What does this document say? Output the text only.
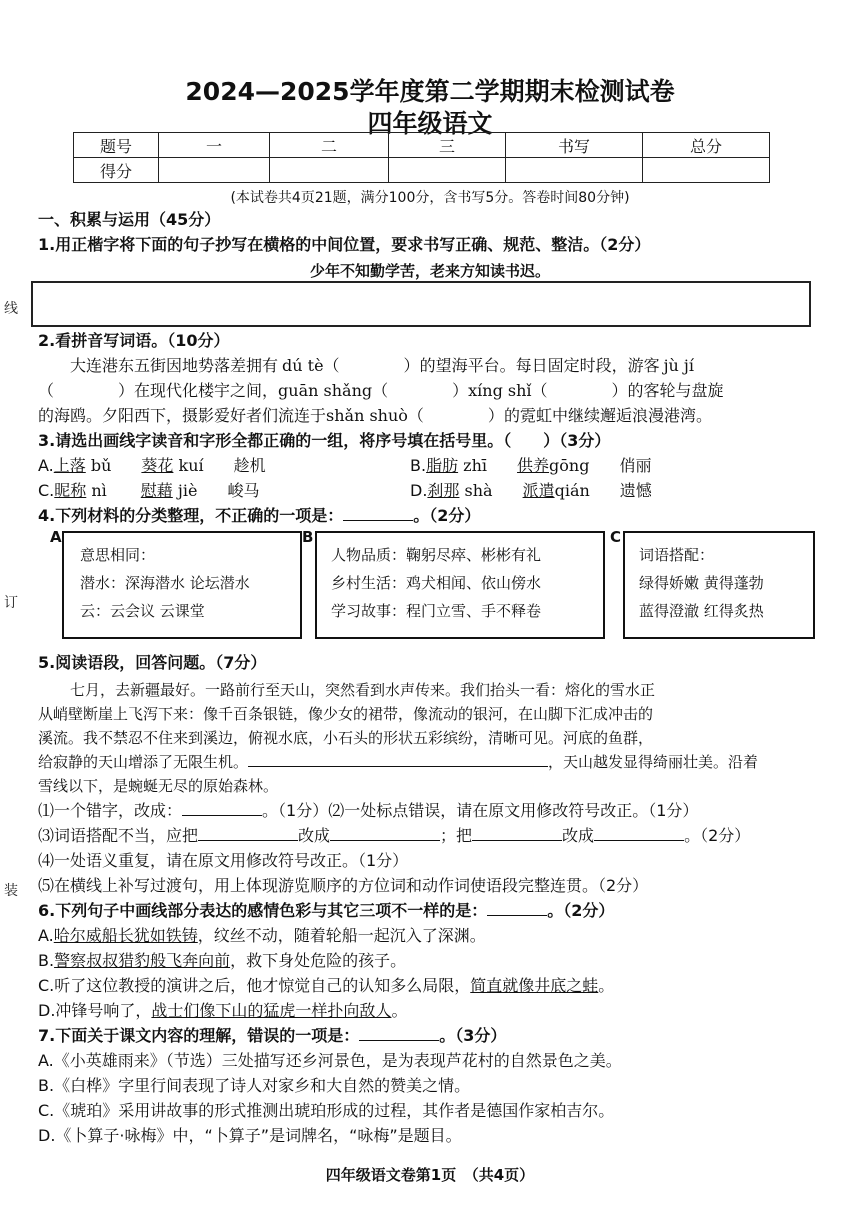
2024—2025学年度第二学期期末检测试卷
四年级语文
题号	一	二	三	书写	总分
得分					
(本试卷共4页21题，满分100分，含书写5分。答卷时间80分钟)
一、积累与运用（45分）
1.用正楷字将下面的句子抄写在横格的中间位置，要求书写正确、规范、整洁。（2分）
少年不知勤学苦，老来方知读书迟。
线
订
装
2.看拼音写词语。（10分）
大连港东五街因地势落差拥有 dú tè（　　　　）的望海平台。每日固定时段，游客 jù jí
（　　　　）在现代化楼宇之间，guān shǎng（　　　　）xíng shǐ（　　　　）的客轮与盘旋
的海鸥。夕阳西下，摄影爱好者们流连于shǎn shuò（　　　　）的霓虹中继续邂逅浪漫港湾。
3.请选出画线字读音和字形全都正确的一组，将序号填在括号里。（　　）（3分）
A.上落 bǔ 葵花 kuí 趁机	B.脂肪 zhī 供养gōng 俏丽
C.昵称 nì 慰藉 jiè 峻马	D.刹那 shà 派遣qián 遗憾
4.下列材料的分类整理，不正确的一项是：	。（2分）
A
意思相同：
潜水：深海潜水 论坛潜水
云：云会议 云课堂
B
人物品质：鞠躬尽瘁、彬彬有礼
乡村生活：鸡犬相闻、依山傍水
学习故事：程门立雪、手不释卷
C
词语搭配：
绿得娇嫩 黄得蓬勃
蓝得澄澈 红得炙热
5.阅读语段，回答问题。（7分）
七月，去新疆最好。一路前行至天山，突然看到水声传来。我们抬头一看：熔化的雪水正
从峭壁断崖上飞泻下来：像千百条银链，像少女的裙带，像流动的银河，在山脚下汇成冲击的
溪流。我不禁忍不住来到溪边，俯视水底，小石头的形状五彩缤纷，清晰可见。河底的鱼群，
给寂静的天山增添了无限生机。	，天山越发显得绮丽壮美。沿着
雪线以下，是蜿蜒无尽的原始森林。
⑴一个错字，改成：	。（1分）⑵一处标点错误，请在原文用修改符号改正。（1分）
⑶词语搭配不当，应把	改成	；把	改成	。（2分）
⑷一处语义重复，请在原文用修改符号改正。（1分）
⑸在横线上补写过渡句，用上体现游览顺序的方位词和动作词使语段完整连贯。（2分）
6.下列句子中画线部分表达的感情色彩与其它三项不一样的是：	。（2分）
A.哈尔威船长犹如铁铸，纹丝不动，随着轮船一起沉入了深渊。
B.警察叔叔猎豹般飞奔向前，救下身处危险的孩子。
C.听了这位教授的演讲之后，他才惊觉自己的认知多么局限，简直就像井底之蛙。
D.冲锋号响了，战士们像下山的猛虎一样扑向敌人。
7.下面关于课文内容的理解，错误的一项是：	。（3分）
A.《小英雄雨来》（节选）三处描写还乡河景色，是为表现芦花村的自然景色之美。
B.《白桦》字里行间表现了诗人对家乡和大自然的赞美之情。
C.《琥珀》采用讲故事的形式推测出琥珀形成的过程，其作者是德国作家柏吉尔。
D.《卜算子·咏梅》中，“卜算子”是词牌名，“咏梅”是题目。
四年级语文卷第1页　（共4页）
